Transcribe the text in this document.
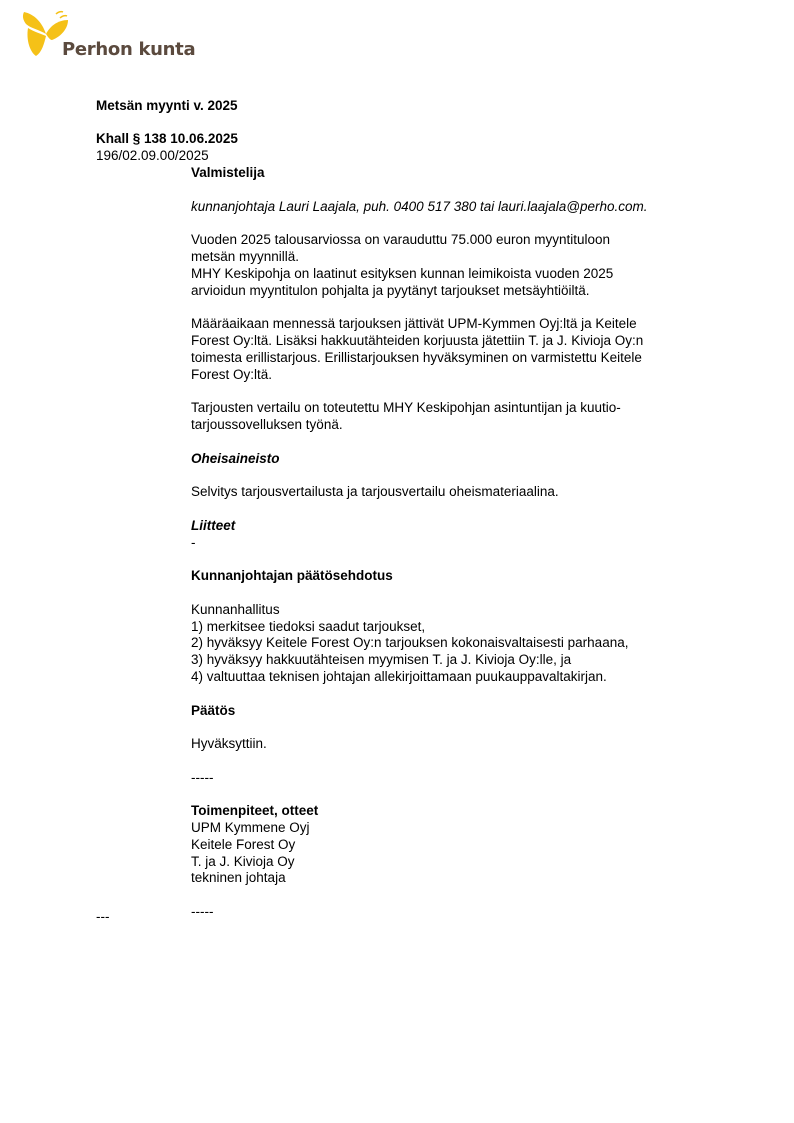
Perhon kunta
Metsän myynti v. 2025
Khall § 138 10.06.2025
196/02.09.00/2025

Valmistelija

kunnanjohtaja Lauri Laajala, puh. 0400 517 380 tai lauri.laajala@perho.com.

Vuoden 2025 talousarviossa on varauduttu 75.000 euron myyntituloon

metsän myynnillä.

MHY Keskipohja on laatinut esityksen kunnan leimikoista vuoden 2025

arvioidun myyntitulon pohjalta ja pyytänyt tarjoukset metsäyhtiöiltä.

Määräaikaan mennessä tarjouksen jättivät UPM-Kymmen Oyj:ltä ja Keitele

Forest Oy:ltä. Lisäksi hakkuutähteiden korjuusta jätettiin T. ja J. Kivioja Oy:n

toimesta erillistarjous. Erillistarjouksen hyväksyminen on varmistettu Keitele

Forest Oy:ltä.

Tarjousten vertailu on toteutettu MHY Keskipohjan asintuntijan ja kuutio-

tarjoussovelluksen työnä.

Oheisaineisto

Selvitys tarjousvertailusta ja tarjousvertailu oheismateriaalina.

Liitteet

-

Kunnanjohtajan päätösehdotus

Kunnanhallitus

1) merkitsee tiedoksi saadut tarjoukset,

2) hyväksyy Keitele Forest Oy:n tarjouksen kokonaisvaltaisesti parhaana,

3) hyväksyy hakkuutähteisen myymisen T. ja J. Kivioja Oy:lle, ja

4) valtuuttaa teknisen johtajan allekirjoittamaan puukauppavaltakirjan.

Päätös

Hyväksyttiin.

-----

Toimenpiteet, otteet

UPM Kymmene Oyj

Keitele Forest Oy

T. ja J. Kivioja Oy

tekninen johtaja

-----

---
